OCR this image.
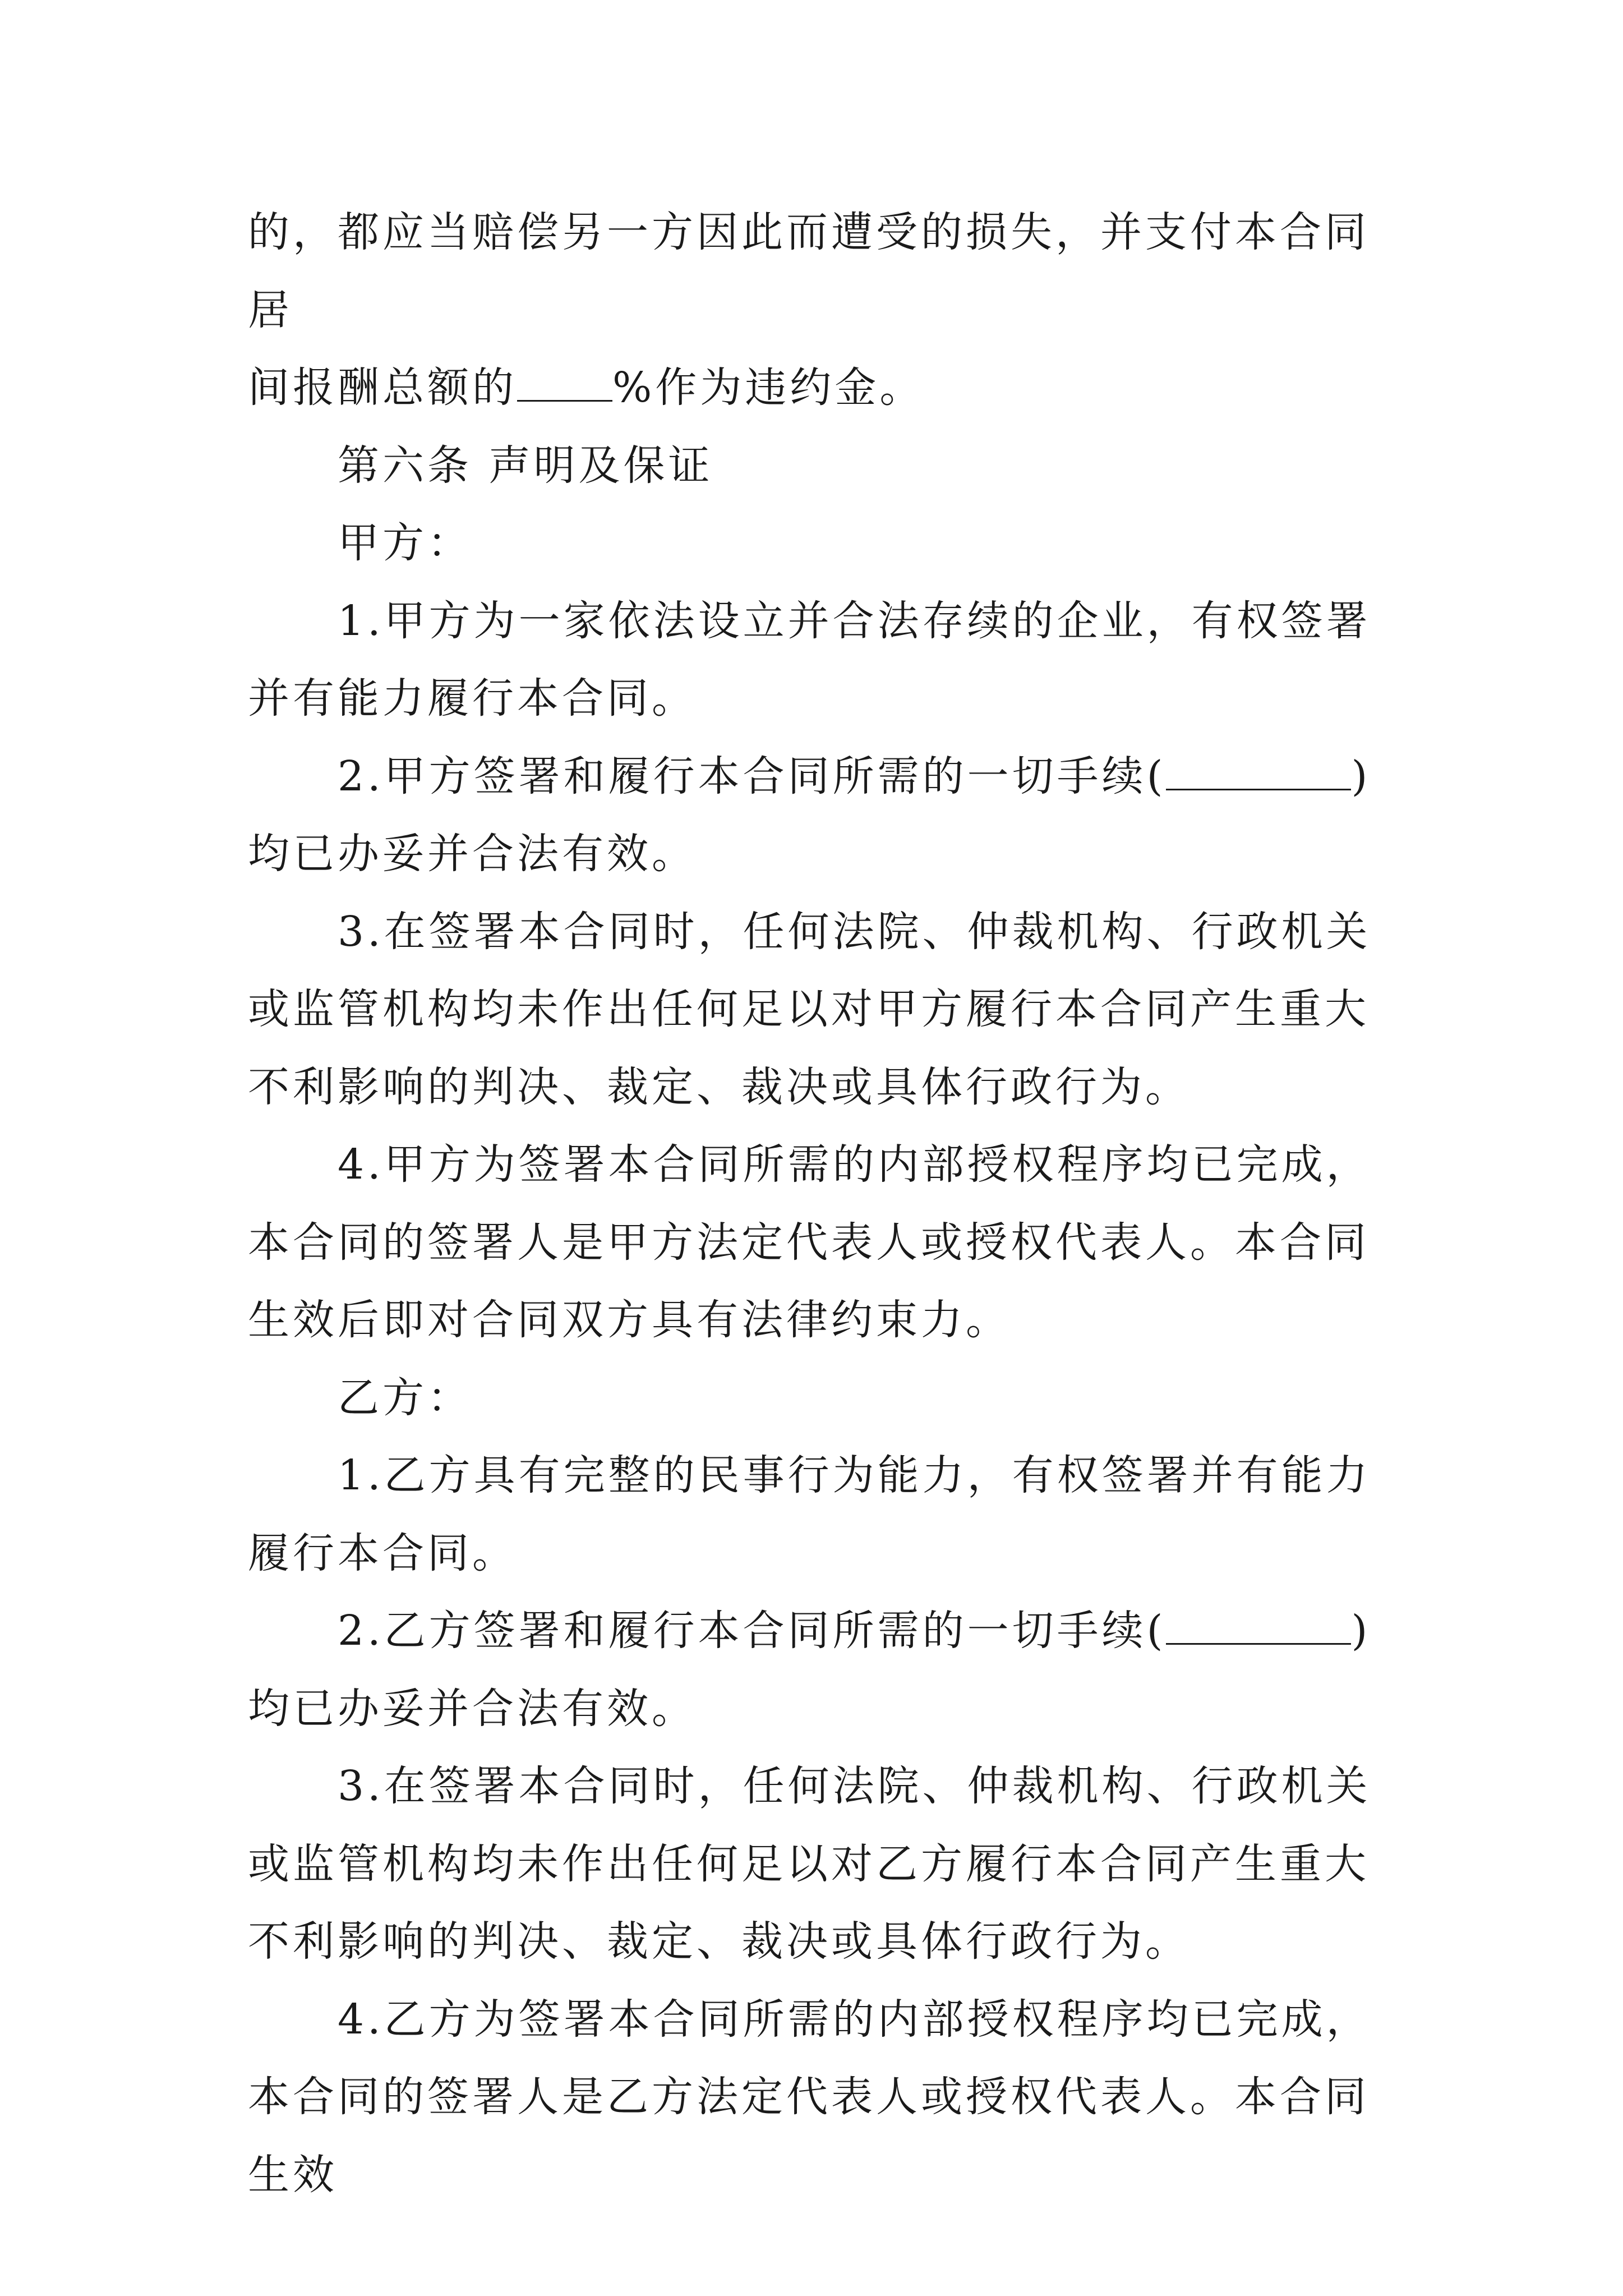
的，都应当赔偿另一方因此而遭受的损失，并支付本合同居
间报酬总额的 %作为违约金。

第六条 声明及保证

甲方：

1.甲方为一家依法设立并合法存续的企业，有权签署并有能力履行本合同。

2.甲方签署和履行本合同所需的一切手续(	)均已办妥并合法有效。

3.在签署本合同时，任何法院、仲裁机构、行政机关或监管机构均未作出任何足以对甲方履行本合同产生重大不利影响的判决、裁定、裁决或具体行政行为。

4.甲方为签署本合同所需的内部授权程序均已完成，本合同的签署人是甲方法定代表人或授权代表人。本合同生效后即对合同双方具有法律约束力。

乙方：

1.乙方具有完整的民事行为能力，有权签署并有能力履行本合同。

2.乙方签署和履行本合同所需的一切手续(	)均已办妥并合法有效。

3.在签署本合同时，任何法院、仲裁机构、行政机关或监管机构均未作出任何足以对乙方履行本合同产生重大不利影响的判决、裁定、裁决或具体行政行为。

4.乙方为签署本合同所需的内部授权程序均已完成，本合同的签署人是乙方法定代表人或授权代表人。本合同生效
